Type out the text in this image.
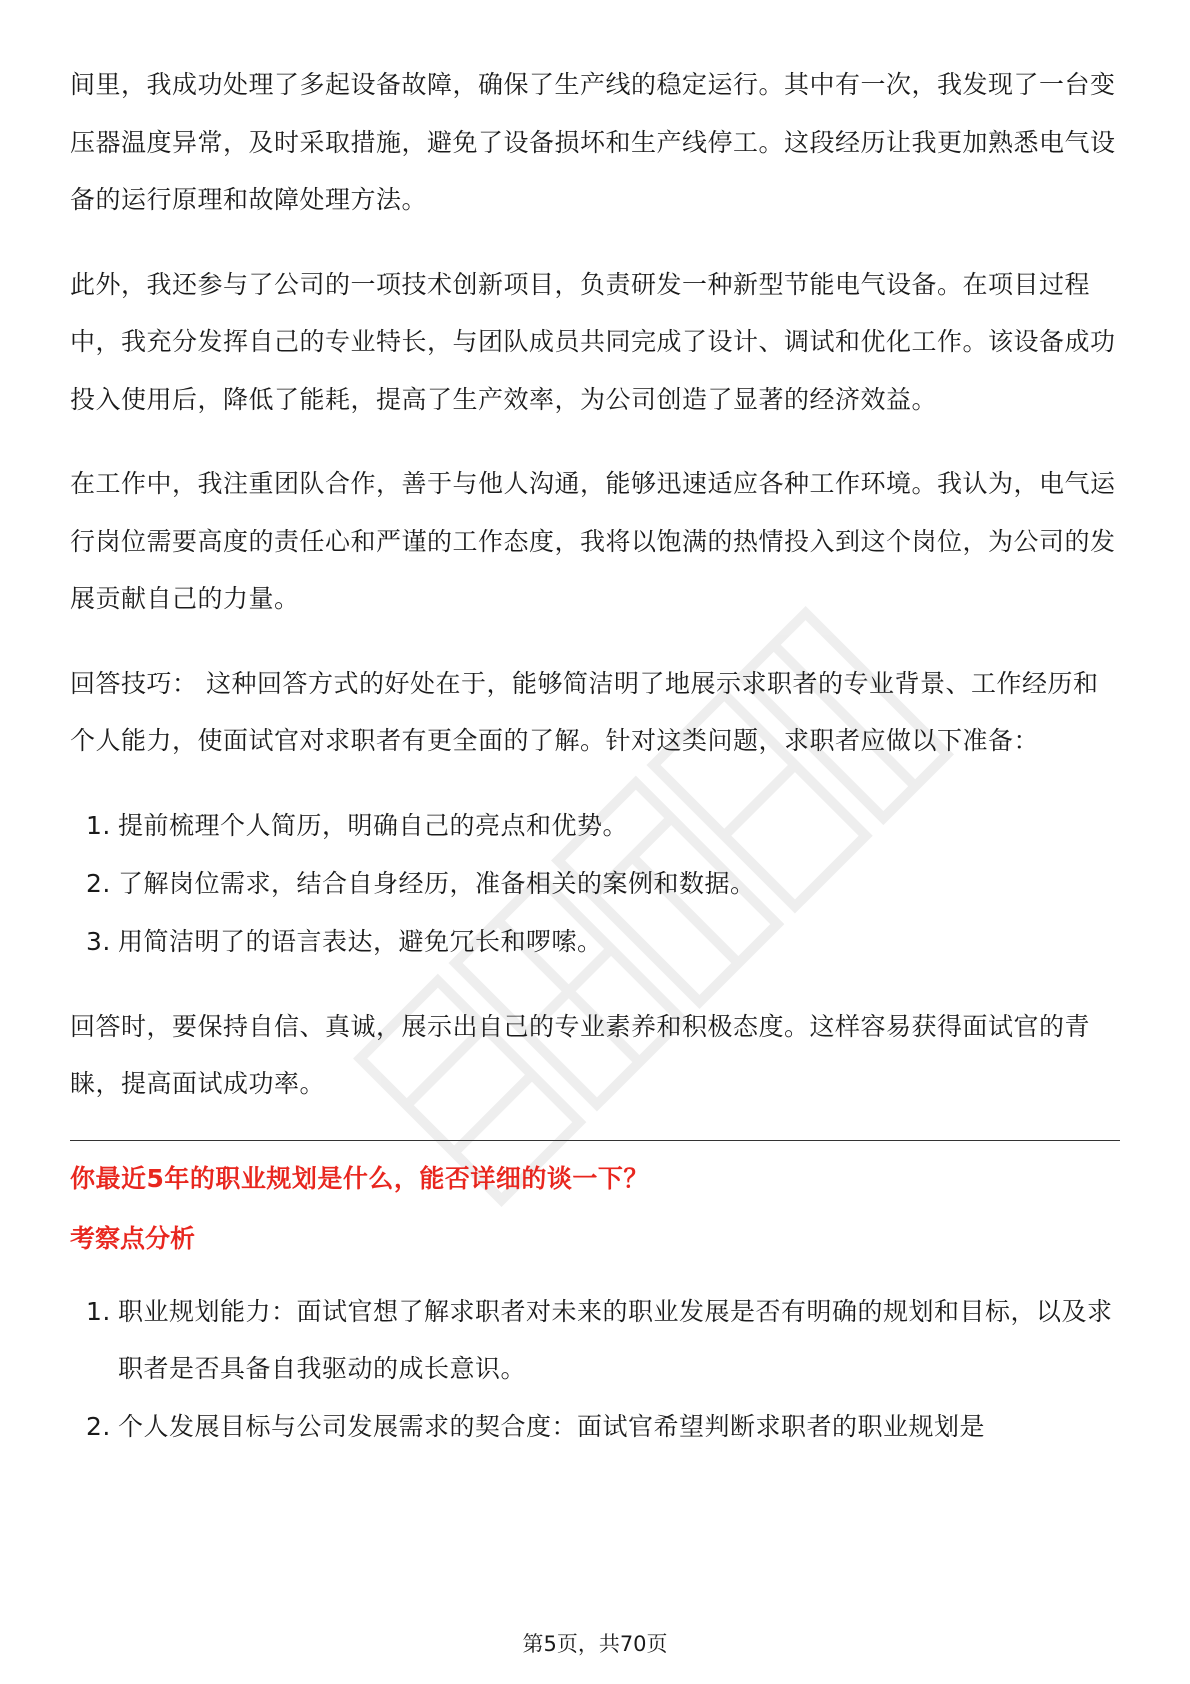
间里，我成功处理了多起设备故障，确保了生产线的稳定运行。其中有一次，我发现了一台变压器温度异常，及时采取措施，避免了设备损坏和生产线停工。这段经历让我更加熟悉电气设备的运行原理和故障处理方法。

此外，我还参与了公司的一项技术创新项目，负责研发一种新型节能电气设备。在项目过程中，我充分发挥自己的专业特长，与团队成员共同完成了设计、调试和优化工作。该设备成功投入使用后，降低了能耗，提高了生产效率，为公司创造了显著的经济效益。

在工作中，我注重团队合作，善于与他人沟通，能够迅速适应各种工作环境。我认为，电气运行岗位需要高度的责任心和严谨的工作态度，我将以饱满的热情投入到这个岗位，为公司的发展贡献自己的力量。

回答技巧： 这种回答方式的好处在于，能够简洁明了地展示求职者的专业背景、工作经历和个人能力，使面试官对求职者有更全面的了解。针对这类问题，求职者应做以下准备：

1. 提前梳理个人简历，明确自己的亮点和优势。
2. 了解岗位需求，结合自身经历，准备相关的案例和数据。
3. 用简洁明了的语言表达，避免冗长和啰嗦。

回答时，要保持自信、真诚，展示出自己的专业素养和积极态度。这样容易获得面试官的青睐，提高面试成功率。

你最近5年的职业规划是什么，能否详细的谈一下？

考察点分析

1. 职业规划能力：面试官想了解求职者对未来的职业发展是否有明确的规划和目标，以及求职者是否具备自我驱动的成长意识。
2. 个人发展目标与公司发展需求的契合度：面试官希望判断求职者的职业规划是
第5页，共70页
